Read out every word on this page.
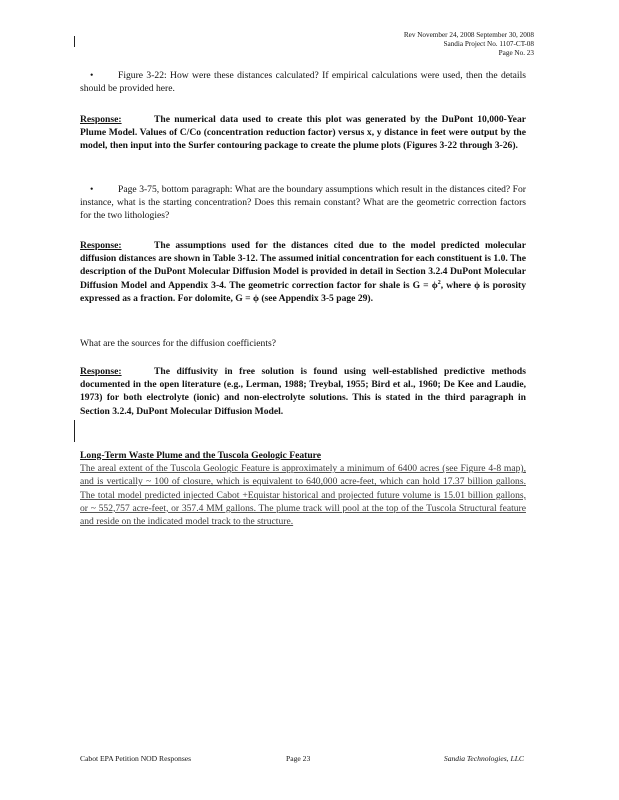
Rev November 24, 2008 September 30, 2008
Sandia Project No. 1107-CT-08
Page No. 23

•	Figure 3-22: How were these distances calculated? If empirical calculations were used, then the details should be provided here.

Response:	The numerical data used to create this plot was generated by the DuPont 10,000-Year Plume Model. Values of C/Co (concentration reduction factor) versus x, y distance in feet were output by the model, then input into the Surfer contouring package to create the plume plots (Figures 3-22 through 3-26).

•	Page 3-75, bottom paragraph: What are the boundary assumptions which result in the distances cited? For instance, what is the starting concentration? Does this remain constant? What are the geometric correction factors for the two lithologies?

Response:	The assumptions used for the distances cited due to the model predicted molecular diffusion distances are shown in Table 3-12. The assumed initial concentration for each constituent is 1.0. The description of the DuPont Molecular Diffusion Model is provided in detail in Section 3.2.4 DuPont Molecular Diffusion Model and Appendix 3-4. The geometric correction factor for shale is $G = \phi^2$, where ϕ is porosity expressed as a fraction. For dolomite, G = ϕ (see Appendix 3-5 page 29).

What are the sources for the diffusion coefficients?

Response:	The diffusivity in free solution is found using well-established predictive methods documented in the open literature (e.g., Lerman, 1988; Treybal, 1955; Bird et al., 1960; De Kee and Laudie, 1973) for both electrolyte (ionic) and non-electrolyte solutions. This is stated in the third paragraph in Section 3.2.4, DuPont Molecular Diffusion Model.

Long-Term Waste Plume and the Tuscola Geologic Feature

The areal extent of the Tuscola Geologic Feature is approximately a minimum of 6400 acres (see Figure 4-8 map), and is vertically ~ 100 of closure, which is equivalent to 640,000 acre-feet, which can hold 17.37 billion gallons. The total model predicted injected Cabot +Equistar historical and projected future volume is 15.01 billion gallons, or ~ 552,757 acre-feet, or 357.4 MM gallons. The plume track will pool at the top of the Tuscola Structural feature and reside on the indicated model track to the structure.

Cabot EPA Petition NOD Responses	Page 23	Sandia Technologies, LLC
